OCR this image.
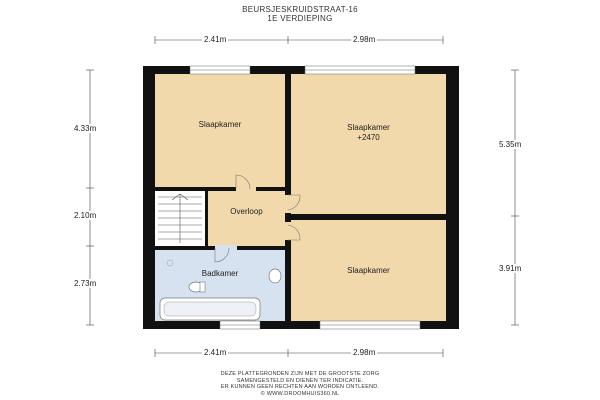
BEURSJESKRUIDSTRAAT-16
1E VERDIEPING
2.41m	2.98m
2.41m	2.98m
4.33m
2.10m
2.73m
5.35m
3.91m
Slaapkamer	Slaapkamer
+2470
Overloop
Badkamer	Slaapkamer
DEZE PLATTEGRONDEN ZIJN MET DE GROOTSTE ZORG
SAMENGESTELD EN DIENEN TER INDICATIE.
ER KUNNEN GEEN RECHTEN AAN WORDEN ONTLEEND.
© WWW.DROOMHUIS360.NL
